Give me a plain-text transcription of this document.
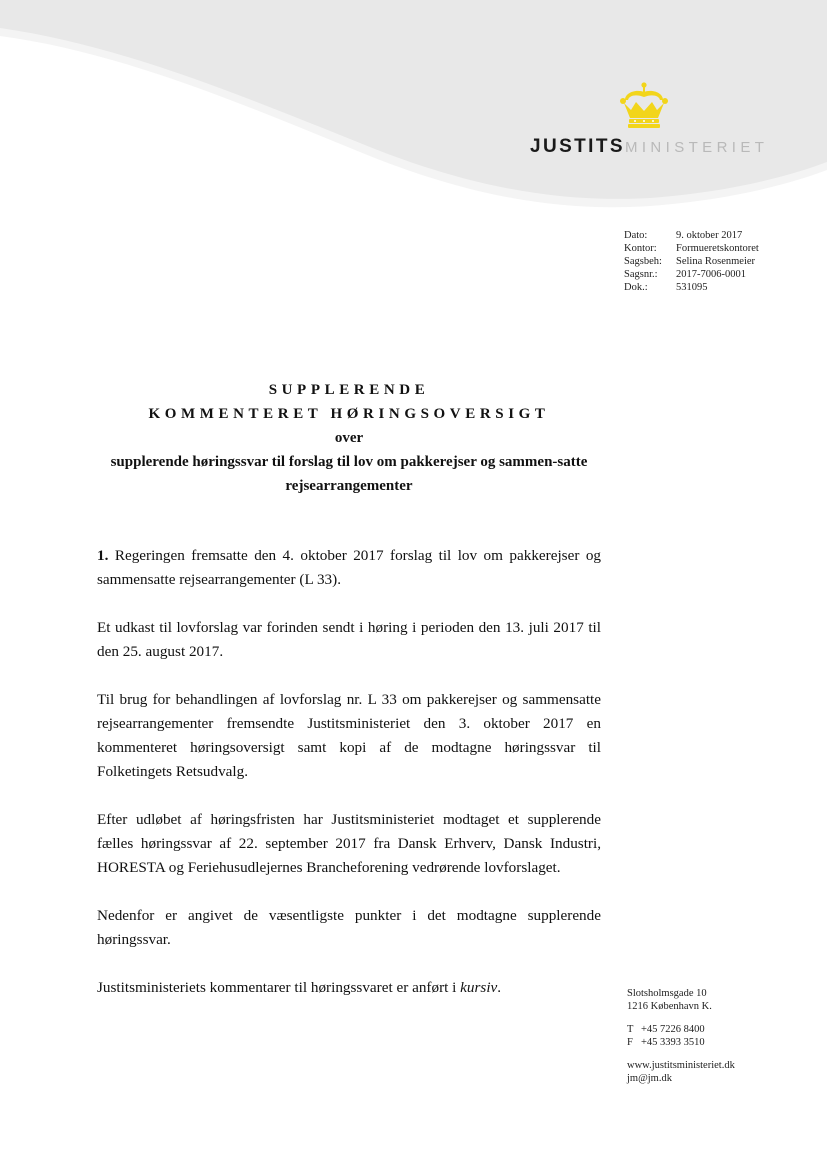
JUSTITSMINISTERIET
Dato:	9. oktober 2017
Kontor:	Formueretskontoret
Sagsbeh:	Selina Rosenmeier
Sagsnr.:	2017-7006-0001
Dok.:	531095
SUPPLERENDE
KOMMENTERET HØRINGSOVERSIGT
over
supplerende høringssvar til forslag til lov om pakkerejser og sammen-satte rejsearrangementer

1. Regeringen fremsatte den 4. oktober 2017 forslag til lov om pakkerejser og sammensatte rejsearrangementer (L 33).

Et udkast til lovforslag var forinden sendt i høring i perioden den 13. juli 2017 til den 25. august 2017.

Til brug for behandlingen af lovforslag nr. L 33 om pakkerejser og sammensatte rejsearrangementer fremsendte Justitsministeriet den 3. oktober 2017 en kommenteret høringsoversigt samt kopi af de modtagne høringssvar til Folketingets Retsudvalg.

Efter udløbet af høringsfristen har Justitsministeriet modtaget et supplerende fælles høringssvar af 22. september 2017 fra Dansk Erhverv, Dansk Industri, HORESTA og Feriehusudlejernes Brancheforening vedrørende lovforslaget.

Nedenfor er angivet de væsentligste punkter i det modtagne supplerende høringssvar.

Justitsministeriets kommentarer til høringssvaret er anført i kursiv.	Slotsholmsgade 10
1216 København K.
T +45 7226 8400
F +45 3393 3510
www.justitsministeriet.dk
jm@jm.dk
